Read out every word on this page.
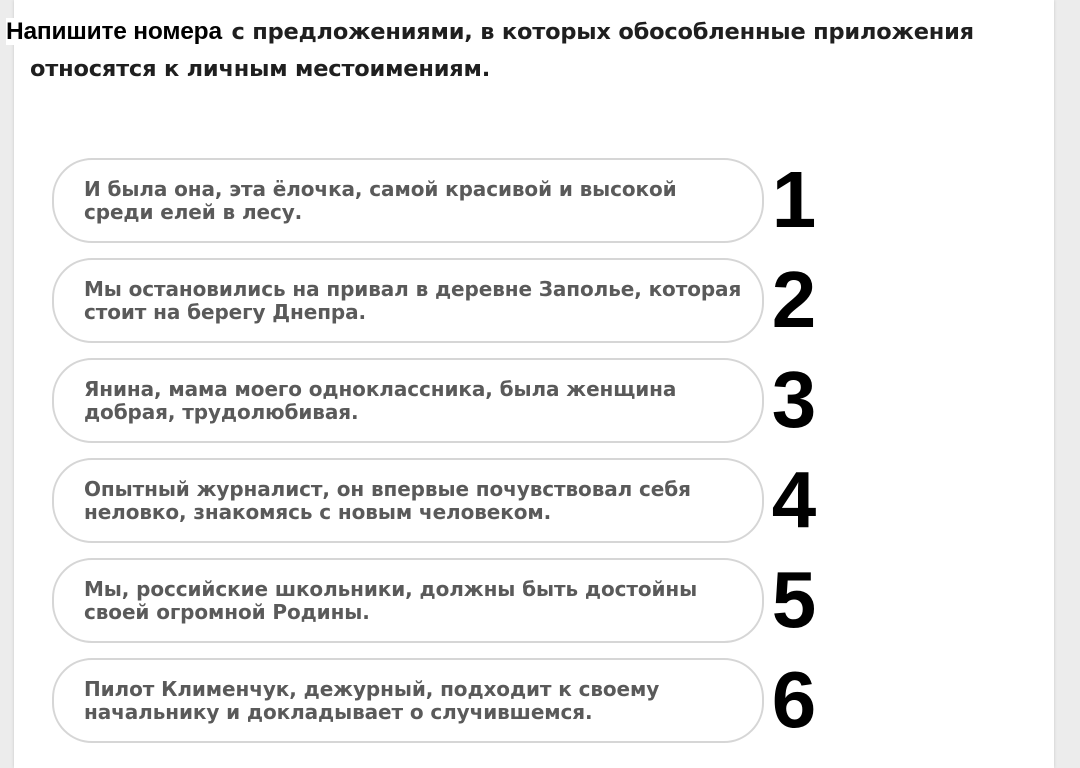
Напишите номера с предложениями, в которых обособленные приложения

относятся к личным местоимениям.

И была она, эта ёлочка, самой красивой и высокой среди елей в лесу.	1

Мы остановились на привал в деревне Заполье, которая стоит на берегу Днепра.	2

Янина, мама моего одноклассника, была женщина добрая, трудолюбивая.	3

Опытный журналист, он впервые почувствовал себя неловко, знакомясь с новым человеком.	4

Мы, российские школьники, должны быть достойны своей огромной Родины.	5

Пилот Клименчук, дежурный, подходит к своему начальнику и докладывает о случившемся.	6
